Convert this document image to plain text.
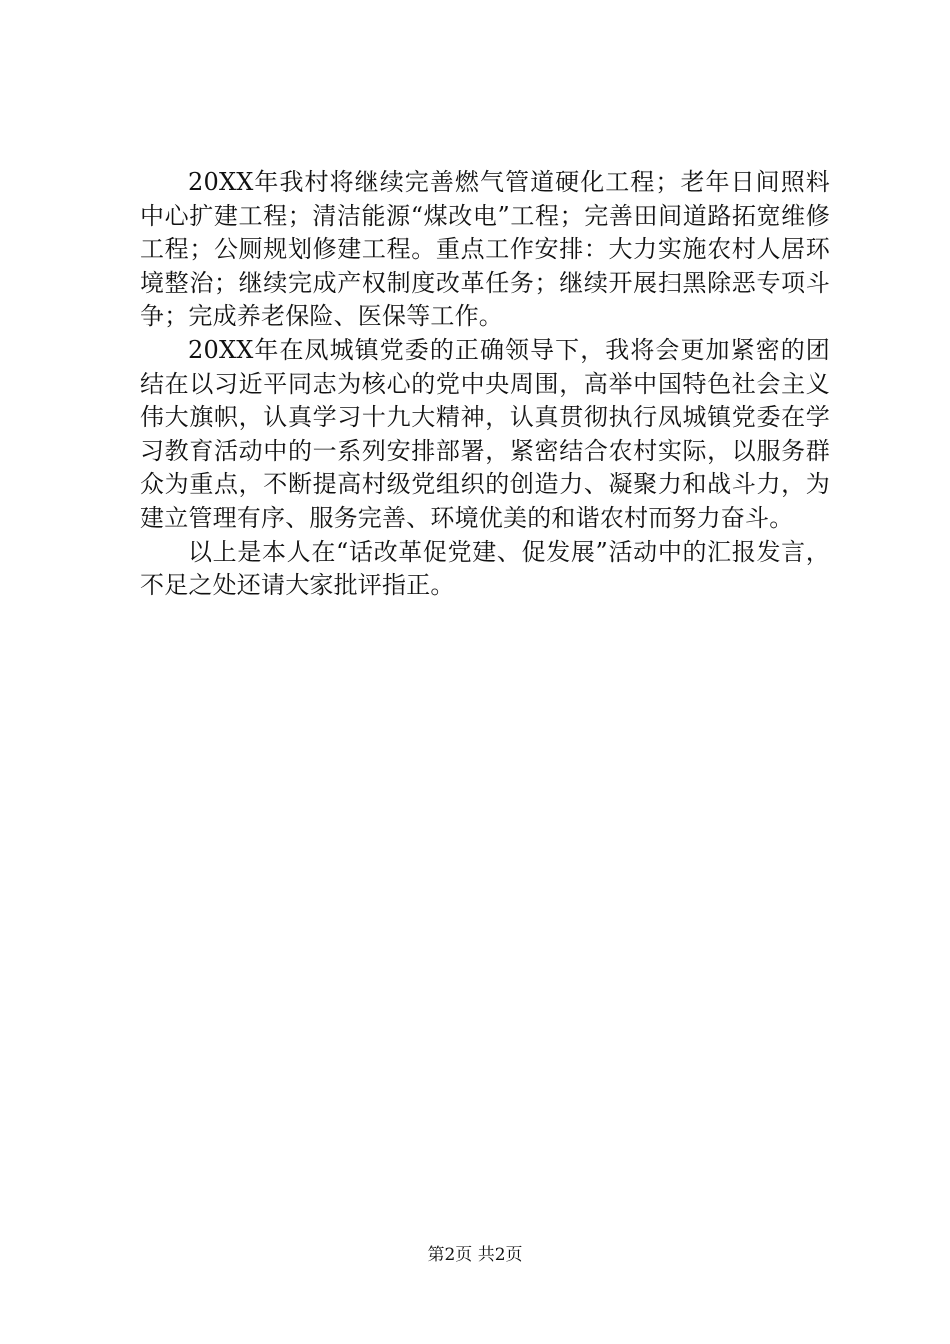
20XX年我村将继续完善燃气管道硬化工程；老年日间照料中心扩建工程；清洁能源“煤改电”工程；完善田间道路拓宽维修工程；公厕规划修建工程。重点工作安排：大力实施农村人居环境整治；继续完成产权制度改革任务；继续开展扫黑除恶专项斗争；完成养老保险、医保等工作。

20XX年在凤城镇党委的正确领导下，我将会更加紧密的团结在以习近平同志为核心的党中央周围，高举中国特色社会主义伟大旗帜，认真学习十九大精神，认真贯彻执行凤城镇党委在学习教育活动中的一系列安排部署，紧密结合农村实际，以服务群众为重点，不断提高村级党组织的创造力、凝聚力和战斗力，为建立管理有序、服务完善、环境优美的和谐农村而努力奋斗。

以上是本人在“话改革促党建、促发展”活动中的汇报发言，不足之处还请大家批评指正。

第2页 共2页
